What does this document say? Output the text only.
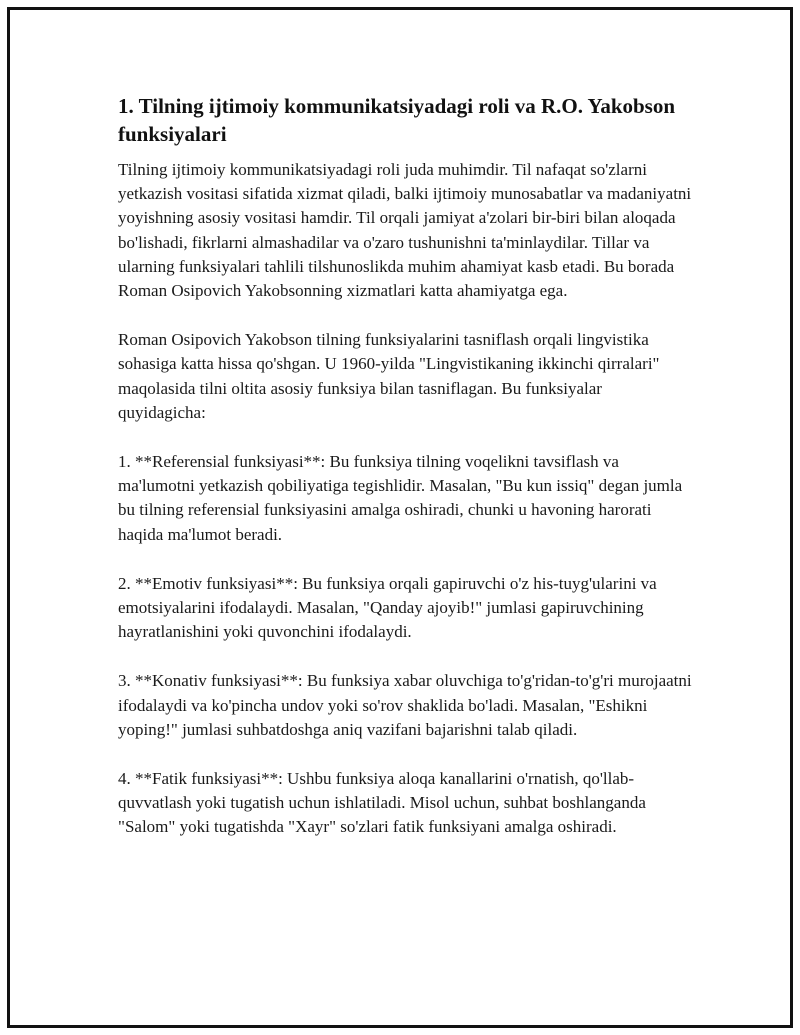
1. Tilning ijtimoiy kommunikatsiyadagi roli va R.O. Yakobson funksiyalari

Tilning ijtimoiy kommunikatsiyadagi roli juda muhimdir. Til nafaqat so'zlarni yetkazish vositasi sifatida xizmat qiladi, balki ijtimoiy munosabatlar va madaniyatni yoyishning asosiy vositasi hamdir. Til orqali jamiyat a'zolari bir-biri bilan aloqada bo'lishadi, fikrlarni almashadilar va o'zaro tushunishni ta'minlaydilar. Tillar va ularning funksiyalari tahlili tilshunoslikda muhim ahamiyat kasb etadi. Bu borada Roman Osipovich Yakobsonning xizmatlari katta ahamiyatga ega.

Roman Osipovich Yakobson tilning funksiyalarini tasniflash orqali lingvistika sohasiga katta hissa qo'shgan. U 1960-yilda "Lingvistikaning ikkinchi qirralari" maqolasida tilni oltita asosiy funksiya bilan tasniflagan. Bu funksiyalar quyidagicha:

1. **Referensial funksiyasi**: Bu funksiya tilning voqelikni tavsiflash va ma'lumotni yetkazish qobiliyatiga tegishlidir. Masalan, "Bu kun issiq" degan jumla bu tilning referensial funksiyasini amalga oshiradi, chunki u havoning harorati haqida ma'lumot beradi.

2. **Emotiv funksiyasi**: Bu funksiya orqali gapiruvchi o'z his-tuyg'ularini va emotsiyalarini ifodalaydi. Masalan, "Qanday ajoyib!" jumlasi gapiruvchining hayratlanishini yoki quvonchini ifodalaydi.

3. **Konativ funksiyasi**: Bu funksiya xabar oluvchiga to'g'ridan-to'g'ri murojaatni ifodalaydi va ko'pincha undov yoki so'rov shaklida bo'ladi. Masalan, "Eshikni yoping!" jumlasi suhbatdoshga aniq vazifani bajarishni talab qiladi.

4. **Fatik funksiyasi**: Ushbu funksiya aloqa kanallarini o'rnatish, qo'llab-quvvatlash yoki tugatish uchun ishlatiladi. Misol uchun, suhbat boshlanganda "Salom" yoki tugatishda "Xayr" so'zlari fatik funksiyani amalga oshiradi.
